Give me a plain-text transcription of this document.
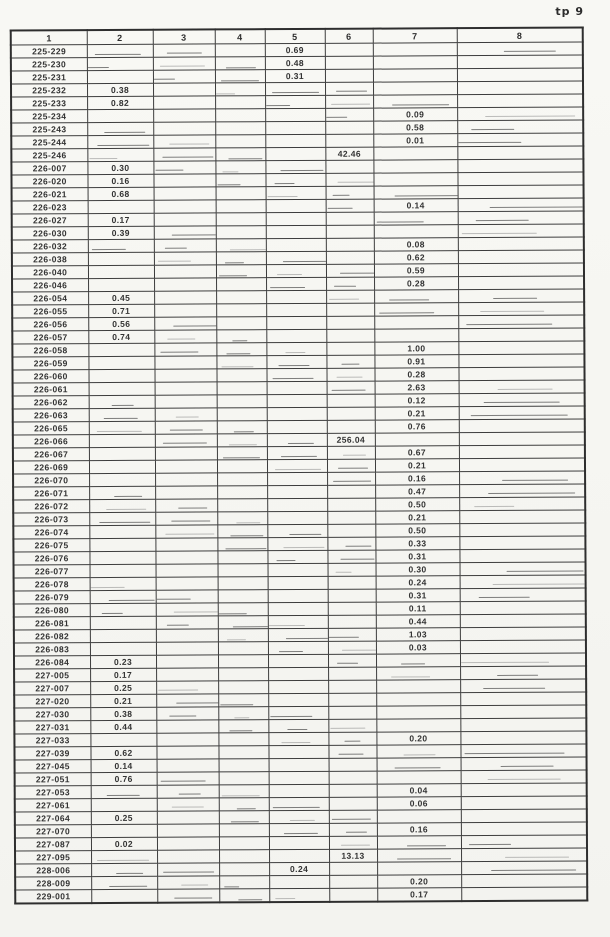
tp 9
1	2	3	4	5	6	7	8
225-229				0.69			

225-230				0.48			
225-231				0.31			
225-232	0.38		

225-233	0.82			

225-234						0.09	

225-243						0.58	

225-244						0.01	

225-246					42.46		
226-007	0.30	

226-020	0.16		

226-021	0.68			

226-023						0.14	

226-027	0.17					

226-030	0.39	

226-032						0.08	
226-038						0.62	
226-040						0.59	
226-046						0.28	
226-054	0.45				

226-055	0.71					

226-056	0.56	

226-057	0.74	

226-058						1.00	
226-059						0.91	
226-060						0.28	
226-061						2.63	

226-062						0.12	

226-063						0.21	

226-065						0.76	
226-066					256.04		
226-067						0.67	
226-069						0.21	
226-070						0.16	

226-071						0.47	

226-072						0.50	

226-073						0.21	
226-074						0.50	
226-075						0.33	
226-076						0.31	
226-077						0.30	

226-078						0.24	

226-079						0.31	

226-080						0.11	
226-081						0.44	
226-082						1.03	
226-083						0.03	
226-084	0.23				

227-005	0.17					

227-007	0.25	

227-020	0.21	

227-030	0.38	

227-031	0.44		

227-033						0.20	
227-039	0.62				

227-045	0.14					

227-051	0.76	

227-053						0.04	
227-061						0.06	
227-064	0.25		

227-070						0.16	
227-087	0.02				

227-095					13.13	

228-006				0.24			

228-009						0.20	
229-001						0.17	
